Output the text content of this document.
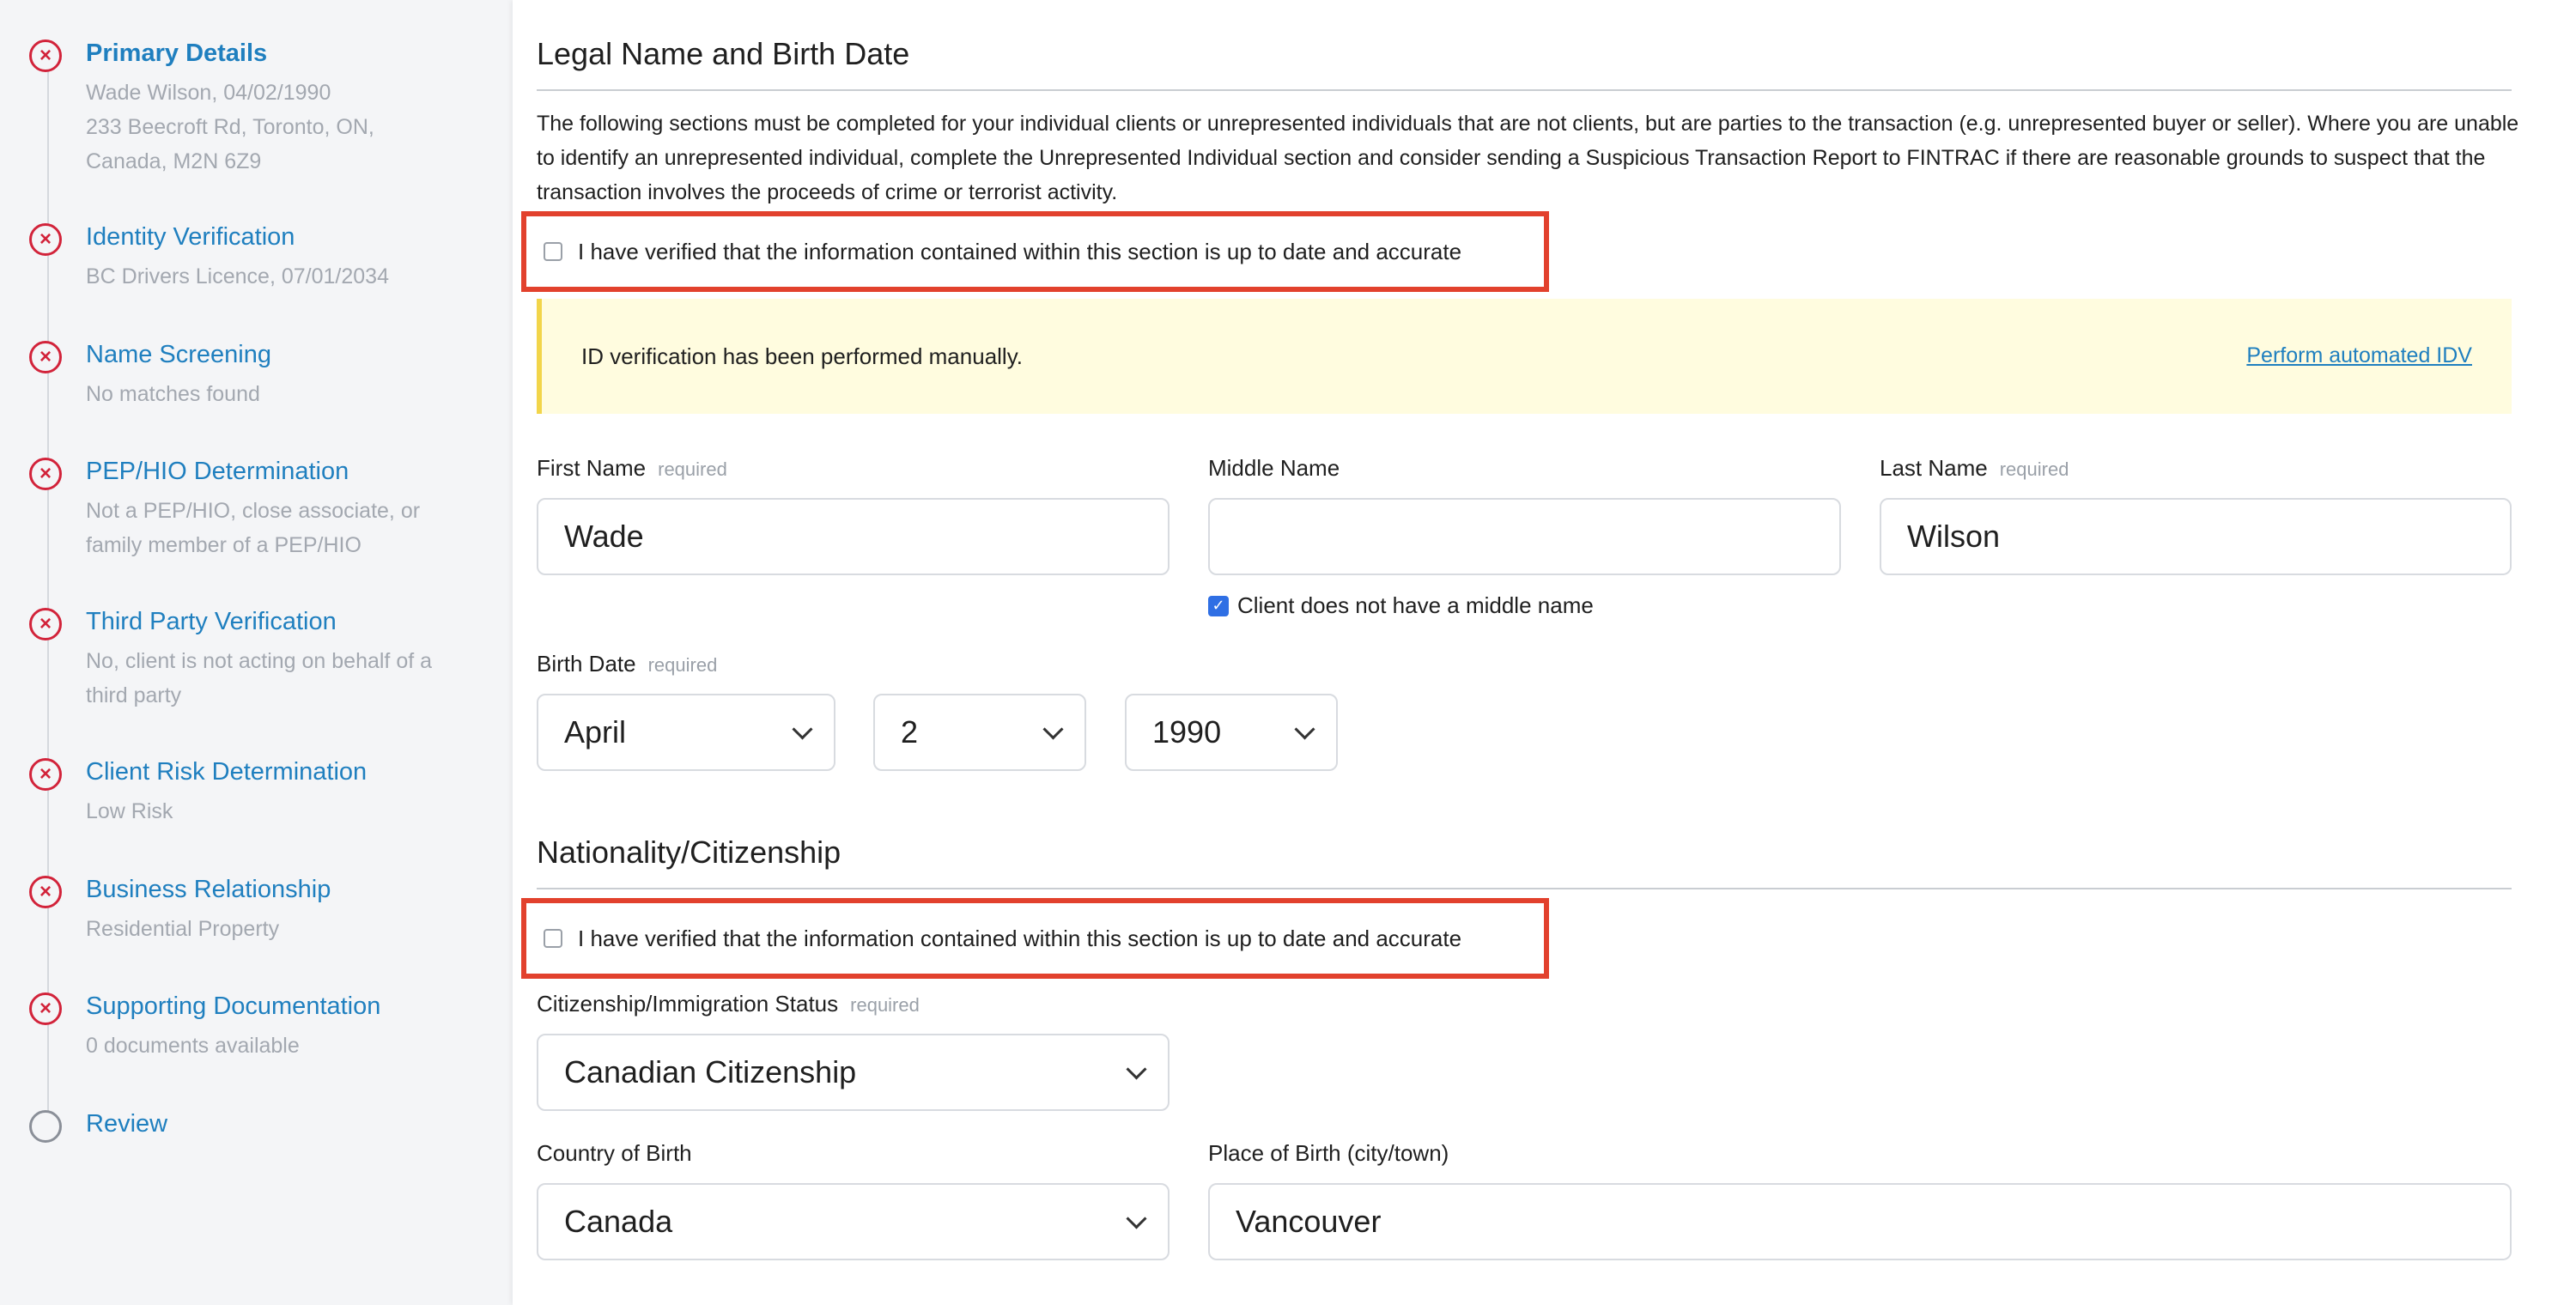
×	Primary Details
Wade Wilson, 04/02/1990
233 Beecroft Rd, Toronto, ON,
Canada, M2N 6Z9
×	Identity Verification
BC Drivers Licence, 07/01/2034
×	Name Screening
No matches found
×	PEP/HIO Determination
Not a PEP/HIO, close associate, or
family member of a PEP/HIO
×	Third Party Verification
No, client is not acting on behalf of a
third party
×	Client Risk Determination
Low Risk
×	Business Relationship
Residential Property
×	Supporting Documentation
0 documents available
Review
Legal Name and Birth Date
The following sections must be completed for your individual clients or unrepresented individuals that are not clients, but are parties to the transaction (e.g. unrepresented buyer or seller). Where you are unable to identify an unrepresented individual, complete the Unrepresented Individual section and consider sending a Suspicious Transaction Report to FINTRAC if there are reasonable grounds to suspect that the transaction involves the proceeds of crime or terrorist activity.
I have verified that the information contained within this section is up to date and accurate
ID verification has been performed manually.	Perform automated IDV
First Name required
Wade
Middle Name
✓ Client does not have a middle name
Last Name required
Wilson
Birth Date required
April	2	1990
Nationality/Citizenship
I have verified that the information contained within this section is up to date and accurate
Citizenship/Immigration Status required
Canadian Citizenship
Country of Birth
Canada
Place of Birth (city/town)
Vancouver
